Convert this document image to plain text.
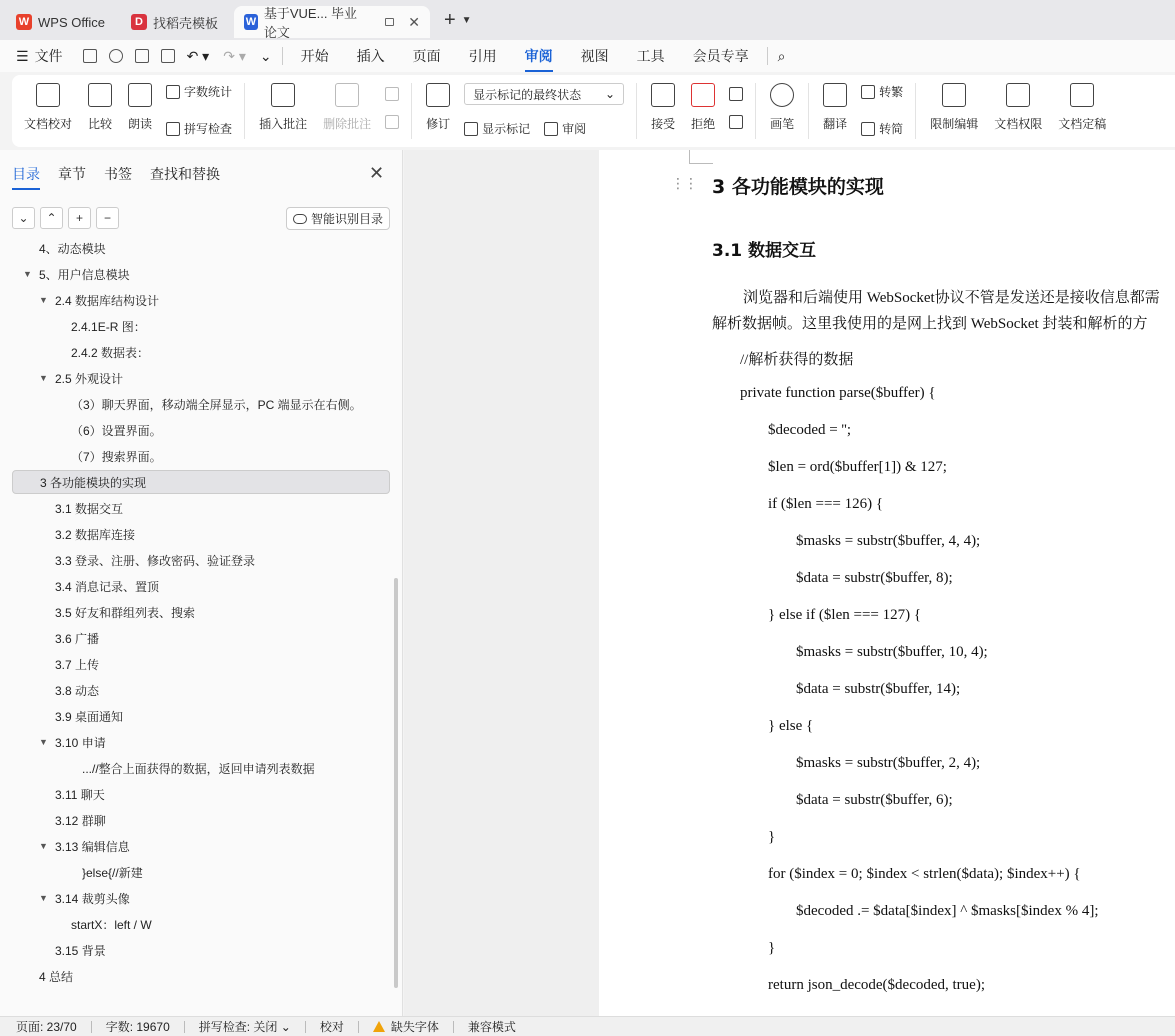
W WPS Office	D 找稻壳模板	W
基于VUE... 毕业论文
✕ + ▼
☰ 文件	↶ ▾ ↷ ▾ ⌄ 开始 插入 页面 引用 审阅 视图 工具 会员专享 ⌕
文档校对 比较 朗读
字数统计
拼写检查 插入批注 删除批注	修订
显示标记的最终状态 ⌄
显示标记	审阅	接受 拒绝	画笔 翻译
转繁
转简 限制编辑 文档权限 文档定稿
目录 章节 书签 查找和替换	✕
⌄	⌃	+	−	智能识别目录
4、动态模块
▼ 5、用户信息模块
▼ 2.4 数据库结构设计
2.4.1E-R 图：
2.4.2 数据表：
▼ 2.5 外观设计
（3）聊天界面，移动端全屏显示，PC 端显示在右侧。
（6）设置界面。
（7）搜索界面。
3 各功能模块的实现
3.1 数据交互
3.2 数据库连接
3.3 登录、注册、修改密码、验证登录
3.4 消息记录、置顶
3.5 好友和群组列表、搜索
3.6 广播
3.7 上传
3.8 动态
3.9 桌面通知
▼ 3.10 申请
...//整合上面获得的数据，返回申请列表数据
3.11 聊天
3.12 群聊
▼ 3.13 编辑信息
}else{//新建
▼ 3.14 裁剪头像
startX：left / W
3.15 背景
4 总结
⋮⋮ 3 各功能模块的实现
3.1 数据交互
浏览器和后端使用 WebSocket协议不管是发送还是接收信息都需
解析数据帧。这里我使用的是网上找到 WebSocket 封装和解析的方
//解析获得的数据
private function parse($buffer) {
$decoded = '';
$len = ord($buffer[1]) & 127;
if ($len === 126) {
$masks = substr($buffer, 4, 4);
$data = substr($buffer, 8);
} else if ($len === 127) {
$masks = substr($buffer, 10, 4);
$data = substr($buffer, 14);
} else {
$masks = substr($buffer, 2, 4);
$data = substr($buffer, 6);
}
for ($index = 0; $index < strlen($data); $index++) {
$decoded .= $data[$index] ^ $masks[$index % 4];
}
return json_decode($decoded, true);
页面: 23/70 字数: 19670 拼写检查: 关闭 ⌄ 校对	缺失字体 兼容模式
